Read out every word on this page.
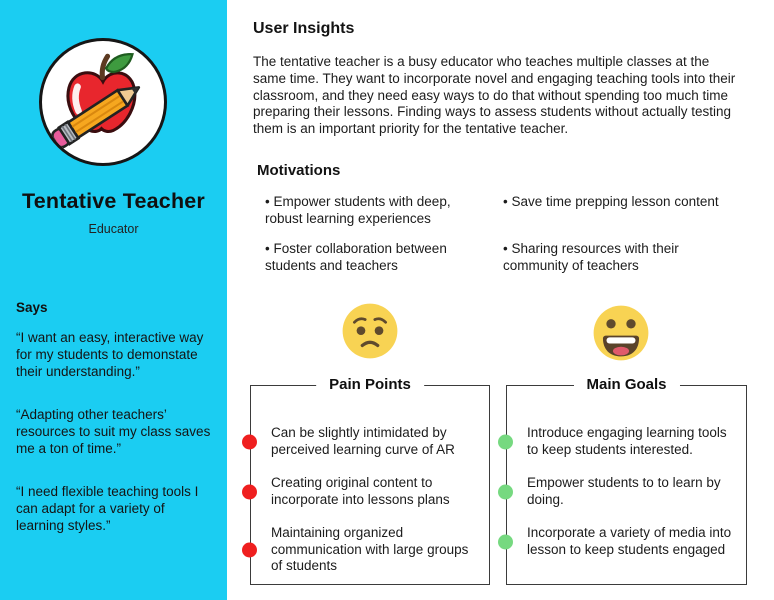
Tentative Teacher
Educator

Says

“I want an easy, interactive way for my students to demonstate their understanding.”

“Adapting other teachers’ resources to suit my class saves me a ton of time.”

“I need flexible teaching tools I can adapt for a variety of learning styles.”

User Insights
The tentative teacher is a busy educator who teaches multiple classes at the same time. They want to incorporate novel and engaging teaching tools into their classroom, and they need easy ways to do that without spending too much time preparing their lessons. Finding ways to assess students without actually testing them is an important priority for the tentative teacher.
Motivations
• Empower students with deep, robust learning experiences
• Save time prepping lesson content
• Foster collaboration between students and teachers
• Sharing resources with their community of teachers
Pain Points
Can be slightly intimidated by perceived learning curve of AR
Creating original content to incorporate into lessons plans
Maintaining organized communication with large groups of students
Main Goals
Introduce engaging learning tools to keep students interested.
Empower students to to learn by doing.
Incorporate a variety of media into lesson to keep students engaged
